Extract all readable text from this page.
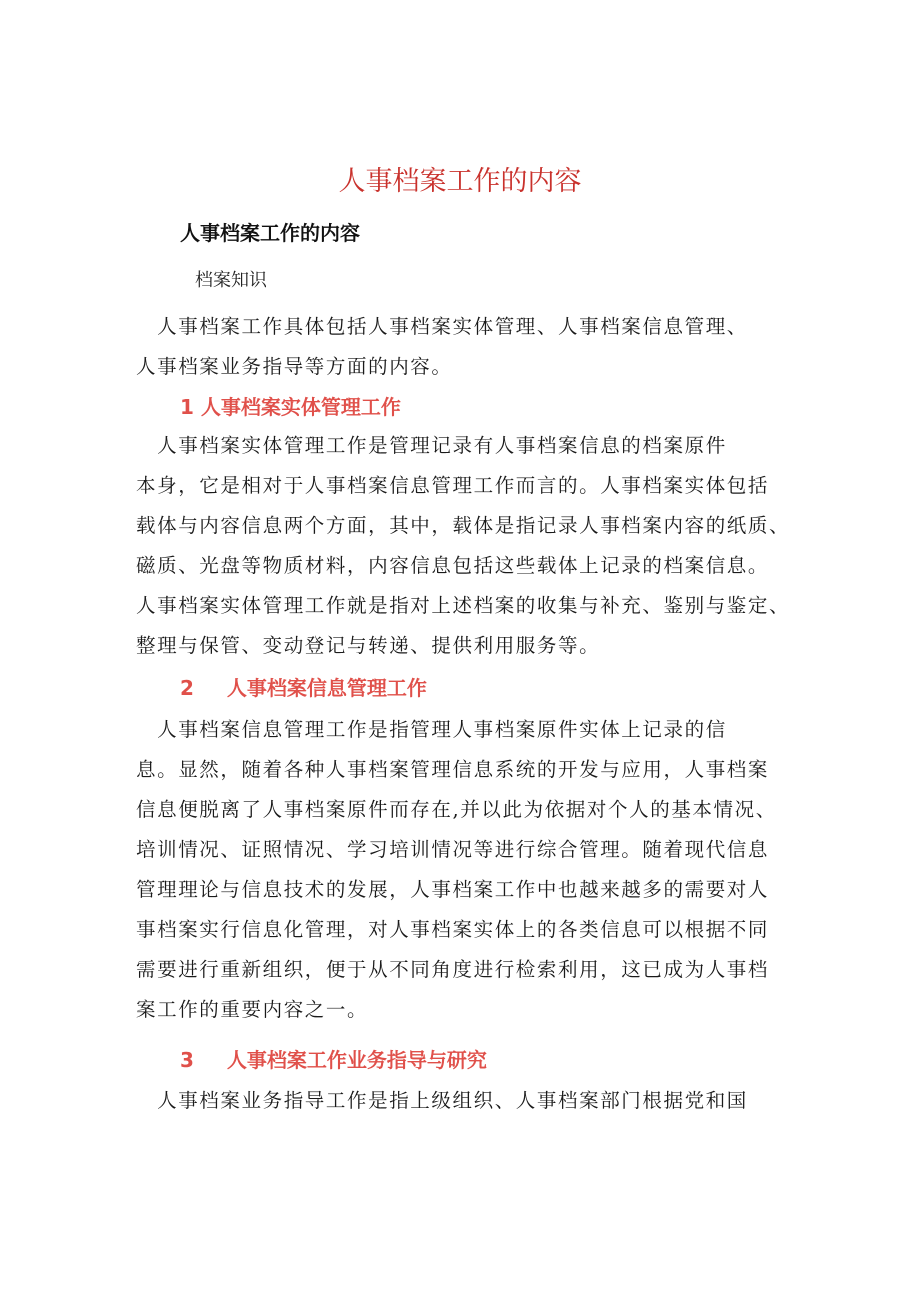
人事档案工作的内容
人事档案工作的内容
档案知识

　人事档案工作具体包括人事档案实体管理、人事档案信息管理、
人事档案业务指导等方面的内容。

1 人事档案实体管理工作

　人事档案实体管理工作是管理记录有人事档案信息的档案原件
本身，它是相对于人事档案信息管理工作而言的。人事档案实体包括
载体与内容信息两个方面，其中，载体是指记录人事档案内容的纸质、
磁质、光盘等物质材料，内容信息包括这些载体上记录的档案信息。
人事档案实体管理工作就是指对上述档案的收集与补充、鉴别与鉴定、
整理与保管、变动登记与转递、提供利用服务等。

2 人事档案信息管理工作

　人事档案信息管理工作是指管理人事档案原件实体上记录的信
息。显然，随着各种人事档案管理信息系统的开发与应用，人事档案
信息便脱离了人事档案原件而存在,并以此为依据对个人的基本情况、
培训情况、证照情况、学习培训情况等进行综合管理。随着现代信息
管理理论与信息技术的发展，人事档案工作中也越来越多的需要对人
事档案实行信息化管理，对人事档案实体上的各类信息可以根据不同
需要进行重新组织，便于从不同角度进行检索利用，这已成为人事档
案工作的重要内容之一。

3 人事档案工作业务指导与研究

　人事档案业务指导工作是指上级组织、人事档案部门根据党和国
